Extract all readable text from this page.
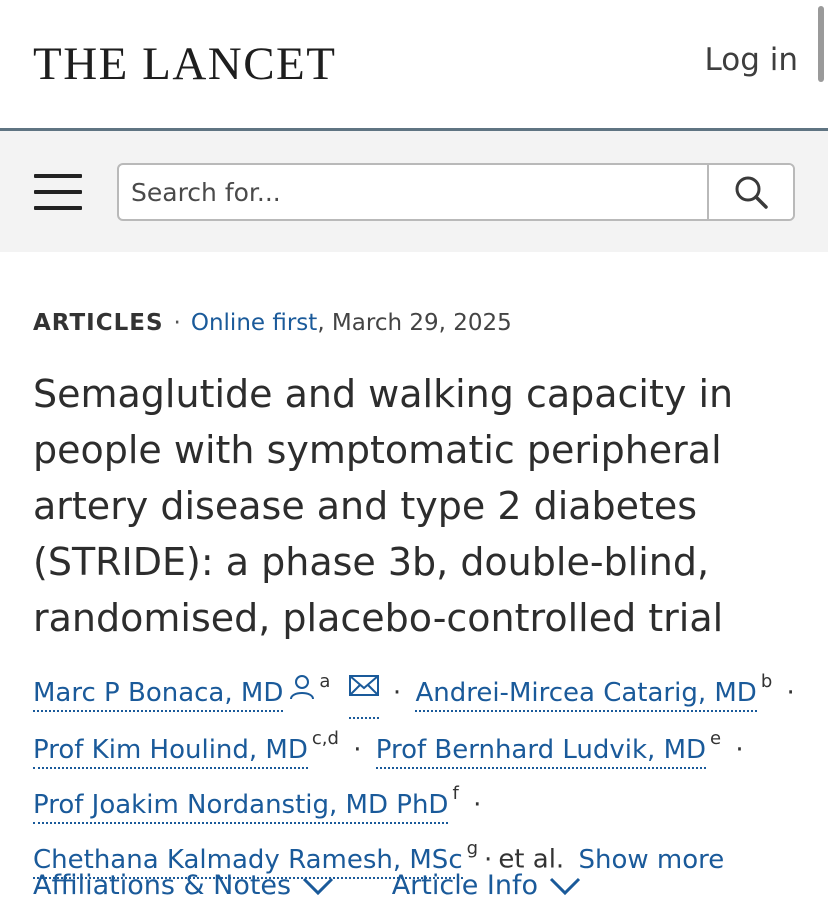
THE LANCET	Log in
Search for...
ARTICLES · Online first, March 29, 2025
Semaglutide and walking capacity in people with symptomatic peripheral artery disease and type 2 diabetes (STRIDE): a phase 3b, double-blind, randomised, placebo-controlled trial
Marc P Bonaca, MD $^a$ · Andrei-Mircea Catarig, MD $^b$ ·
Prof Kim Houlind, MD $^{c,d}$ · Prof Bernhard Ludvik, MD $^e$ ·
Prof Joakim Nordanstig, MD PhD $^f$ ·
Chethana Kalmady Ramesh, MSc $^g$ · et al. Show more
Affiliations & Notes
	Article Info
